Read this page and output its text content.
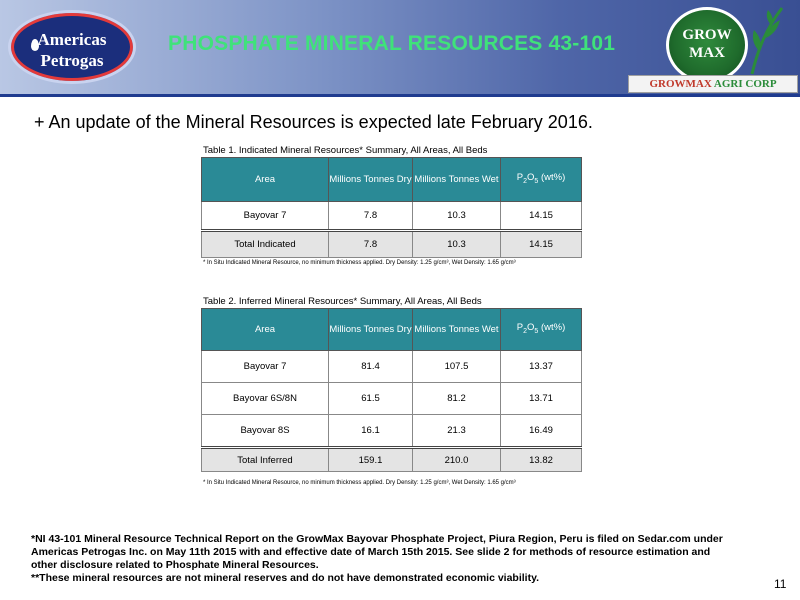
Americas
Petrogas
PHOSPHATE MINERAL RESOURCES 43-101	GROW
MAX
GROWMAX AGRI CORP
+ An update of the Mineral Resources is expected late February 2016.
Table 1. Indicated Mineral Resources* Summary, All Areas, All Beds
Area	Millions Tonnes Dry	Millions Tonnes Wet	$P_2O_5$ (wt%)
Bayovar 7	7.8	10.3	14.15
Total Indicated	7.8	10.3	14.15
* In Situ Indicated Mineral Resource, no minimum thickness applied. Dry Density: 1.25 g/cm³, Wet Density: 1.65 g/cm³
Table 2. Inferred Mineral Resources* Summary, All Areas, All Beds
Area	Millions Tonnes Dry	Millions Tonnes Wet	$P_2O_5$ (wt%)
Bayovar 7	81.4	107.5	13.37
Bayovar 6S/8N	61.5	81.2	13.71
Bayovar 8S	16.1	21.3	16.49
Total Inferred	159.1	210.0	13.82
* In Situ Indicated Mineral Resource, no minimum thickness applied. Dry Density: 1.25 g/cm³, Wet Density: 1.65 g/cm³

*NI 43-101 Mineral Resource Technical Report on the GrowMax Bayovar Phosphate Project, Piura Region, Peru is filed on Sedar.com under Americas Petrogas Inc. on May 11th 2015 with and effective date of March 15th 2015. See slide 2 for methods of resource estimation and other disclosure related to Phosphate Mineral Resources.

**These mineral resources are not mineral reserves and do not have demonstrated economic viability.	11
